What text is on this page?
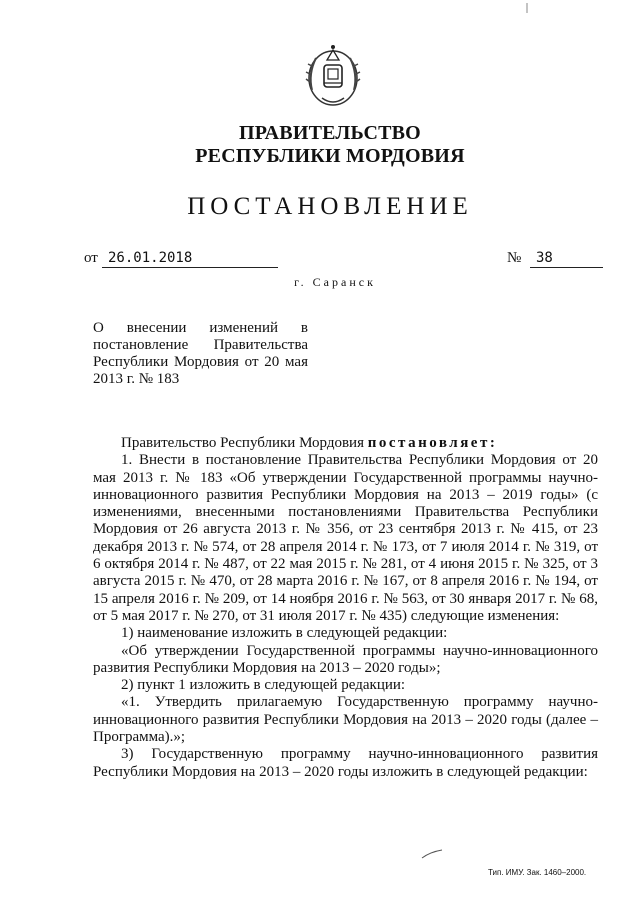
ПРАВИТЕЛЬСТВО
РЕСПУБЛИКИ МОРДОВИЯ
ПОСТАНОВЛЕНИЕ
от 26.01.2018	№	38
г. Саранск
О внесении изменений в постановление Правительства Республики Мордовия от 20 мая 2013 г. № 183

Правительство Республики Мордовия постановляет:

1. Внести в постановление Правительства Республики Мордовия от 20 мая 2013 г. № 183 «Об утверждении Государственной программы научно-инновационного развития Республики Мордовия на 2013 – 2019 годы» (с изменениями, внесенными постановлениями Правительства Республики Мордовия от 26 августа 2013 г. № 356, от 23 сентября 2013 г. № 415, от 23 декабря 2013 г. № 574, от 28 апреля 2014 г. № 173, от 7 июля 2014 г. № 319, от 6 октября 2014 г. № 487, от 22 мая 2015 г. № 281, от 4 июня 2015 г. № 325, от 3 августа 2015 г. № 470, от 28 марта 2016 г. № 167, от 8 апреля 2016 г. № 194, от 15 апреля 2016 г. № 209, от 14 ноября 2016 г. № 563, от 30 января 2017 г. № 68, от 5 мая 2017 г. № 270, от 31 июля 2017 г. № 435) следующие изменения:

1) наименование изложить в следующей редакции:

«Об утверждении Государственной программы научно-инновационного развития Республики Мордовия на 2013 – 2020 годы»;

2) пункт 1 изложить в следующей редакции:

«1. Утвердить прилагаемую Государственную программу научно-инновационного развития Республики Мордовия на 2013 – 2020 годы (далее – Программа).»;

3) Государственную программу научно-инновационного развития Республики Мордовия на 2013 – 2020 годы изложить в следующей редакции:

Тип. ИМУ. Зак. 1460–2000.
